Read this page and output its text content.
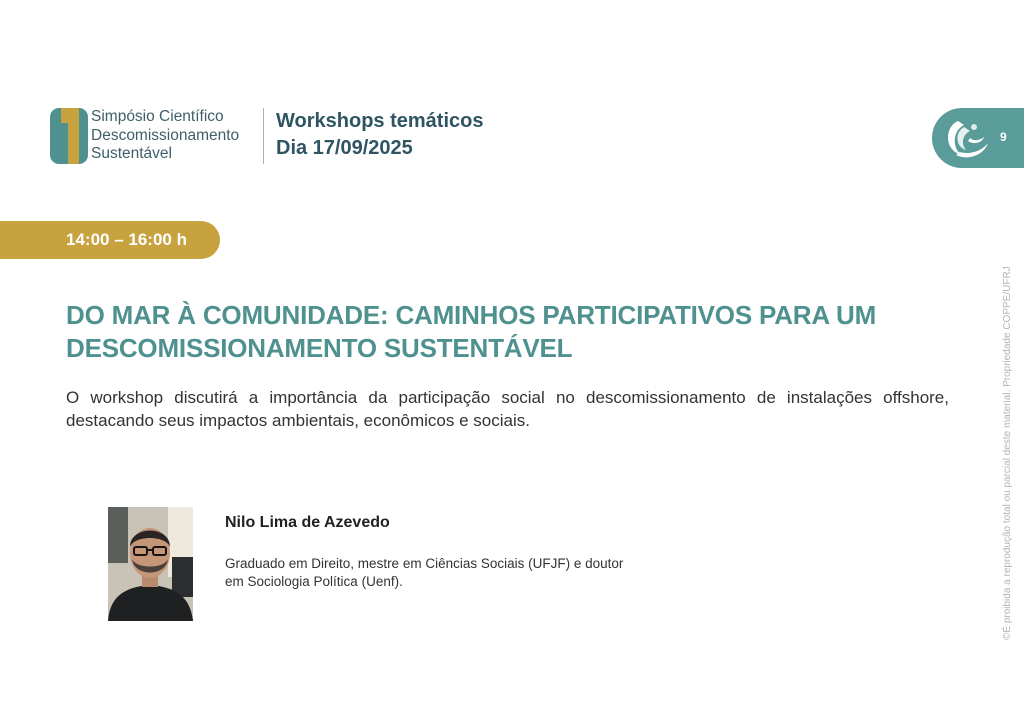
Simpósio Científico
Descomissionamento
Sustentável
Workshops temáticos
Dia 17/09/2025	9
14:00 – 16:00 h
DO MAR À COMUNIDADE: CAMINHOS PARTICIPATIVOS PARA UM
DESCOMISSIONAMENTO SUSTENTÁVEL

O workshop discutirá a importância da participação social no descomissionamento de instalações offshore, destacando seus impactos ambientais, econômicos e sociais.

Nilo Lima de Azevedo
Graduado em Direito, mestre em Ciências Sociais (UFJF) e doutor
em Sociologia Política (Uenf).	©É proibida a reprodução total ou parcial deste material. Propriedade COPPE/UFRJ
